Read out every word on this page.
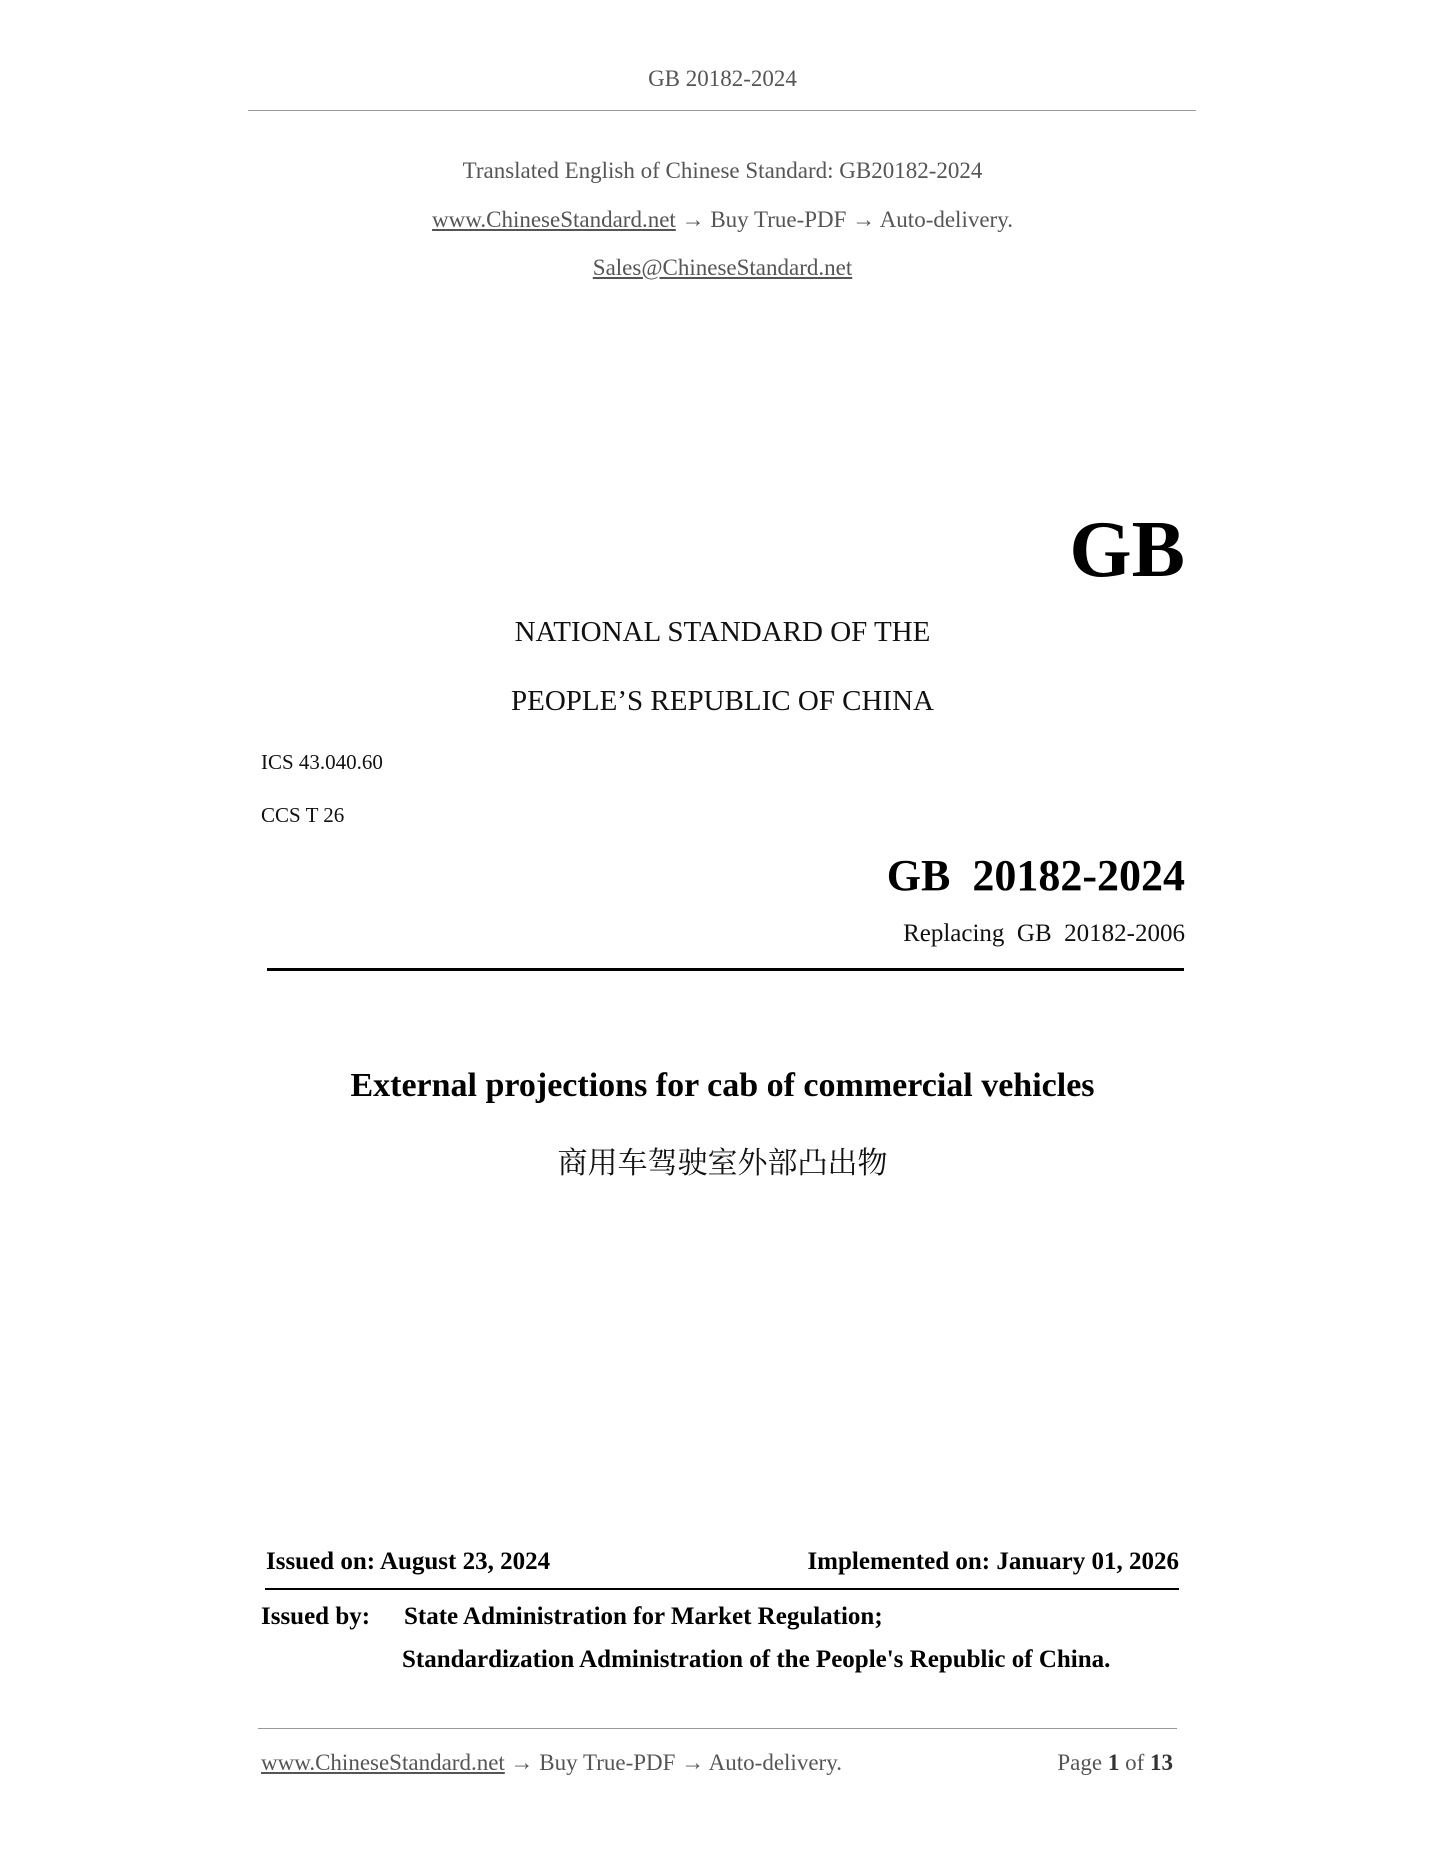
GB 20182-2024
Translated English of Chinese Standard: GB20182-2024
www.ChineseStandard.net → Buy True-PDF → Auto-delivery.
Sales@ChineseStandard.net
GB
NATIONAL STANDARD OF THE
PEOPLE’S REPUBLIC OF CHINA
ICS 43.040.60
CCS T 26
GB  20182-2024
Replacing  GB  20182-2006
External projections for cab of commercial vehicles
商用车驾驶室外部凸出物
Issued on: August 23, 2024	Implemented on: January 01, 2026
Issued by: State Administration for Market Regulation;
Standardization Administration of the People's Republic of China.
www.ChineseStandard.net → Buy True-PDF → Auto-delivery.	Page 1 of 13
